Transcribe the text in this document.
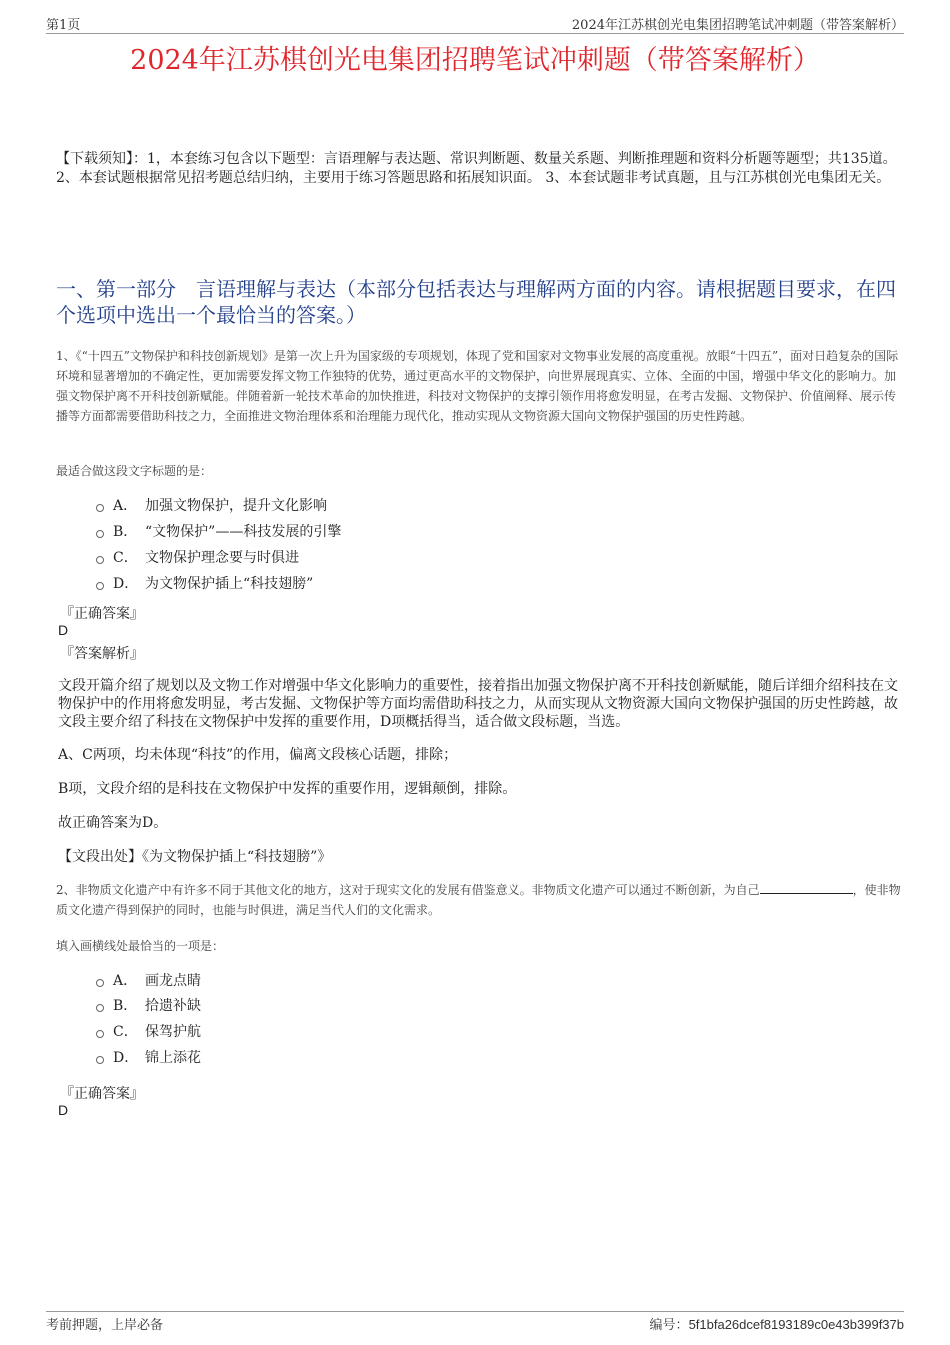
第1页	2024年江苏棋创光电集团招聘笔试冲刺题（带答案解析）
2024年江苏棋创光电集团招聘笔试冲刺题（带答案解析）
【下载须知】：1，本套练习包含以下题型：言语理解与表达题、常识判断题、数量关系题、判断推理题和资料分析题等题型；共135道。 2、本套试题根据常见招考题总结归纳，主要用于练习答题思路和拓展知识面。 3、本套试题非考试真题，且与江苏棋创光电集团无关。
一、第一部分　言语理解与表达（本部分包括表达与理解两方面的内容。请根据题目要求，在四个选项中选出一个最恰当的答案。）
1、《“十四五”文物保护和科技创新规划》是第一次上升为国家级的专项规划，体现了党和国家对文物事业发展的高度重视。放眼“十四五”，面对日趋复杂的国际环境和显著增加的不确定性，更加需要发挥文物工作独特的优势，通过更高水平的文物保护，向世界展现真实、立体、全面的中国，增强中华文化的影响力。加强文物保护离不开科技创新赋能。伴随着新一轮技术革命的加快推进，科技对文物保护的支撑引领作用将愈发明显，在考古发掘、文物保护、价值阐释、展示传播等方面都需要借助科技之力，全面推进文物治理体系和治理能力现代化，推动实现从文物资源大国向文物保护强国的历史性跨越。
最适合做这段文字标题的是：
A． 加强文物保护，提升文化影响
B． “文物保护”——科技发展的引擎
C． 文物保护理念要与时俱进
D． 为文物保护插上“科技翅膀”
『正确答案』
D
『答案解析』
文段开篇介绍了规划以及文物工作对增强中华文化影响力的重要性，接着指出加强文物保护离不开科技创新赋能，随后详细介绍科技在文物保护中的作用将愈发明显，考古发掘、文物保护等方面均需借助科技之力，从而实现从文物资源大国向文物保护强国的历史性跨越，故文段主要介绍了科技在文物保护中发挥的重要作用，D项概括得当，适合做文段标题，当选。
A、C两项，均未体现“科技”的作用，偏离文段核心话题，排除；
B项，文段介绍的是科技在文物保护中发挥的重要作用，逻辑颠倒，排除。
故正确答案为D。
【文段出处】《为文物保护插上“科技翅膀”》
2、非物质文化遗产中有许多不同于其他文化的地方，这对于现实文化的发展有借鉴意义。非物质文化遗产可以通过不断创新，为自己	，使非物质文化遗产得到保护的同时，也能与时俱进，满足当代人们的文化需求。
填入画横线处最恰当的一项是：
A． 画龙点睛
B． 拾遗补缺
C． 保驾护航
D． 锦上添花
『正确答案』
D
考前押题，上岸必备	编号：5f1bfa26dcef8193189c0e43b399f37b
